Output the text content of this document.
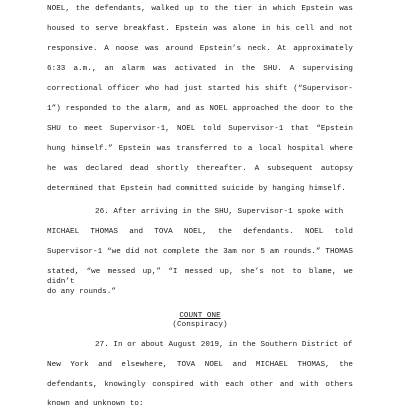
NOEL, the defendants, walked up to the tier in which Epstein was
housed to serve breakfast. Epstein was alone in his cell and not
responsive. A noose was around Epstein’s neck. At approximately
6:33 a.m., an alarm was activated in the SHU. A supervising
correctional officer who had just started his shift (“Supervisor-
1”) responded to the alarm, and as NOEL approached the door to the
SHU to meet Supervisor-1, NOEL told Supervisor-1 that “Epstein
hung himself.” Epstein was transferred to a local hospital where
he was declared dead shortly thereafter. A subsequent autopsy
determined that Epstein had committed suicide by hanging himself.
26. After arriving in the SHU, Supervisor-1 spoke with
MICHAEL THOMAS and TOVA NOEL, the defendants. NOEL told
Supervisor-1 “we did not complete the 3am nor 5 am rounds.” THOMAS
stated, “we messed up,” “I messed up, she’s not to blame, we didn’t
do any rounds.”
COUNT ONE
(Conspiracy)
27. In or about August 2019, in the Southern District of
New York and elsewhere, TOVA NOEL and MICHAEL THOMAS, the
defendants, knowingly conspired with each other and with others
known and unknown to:
